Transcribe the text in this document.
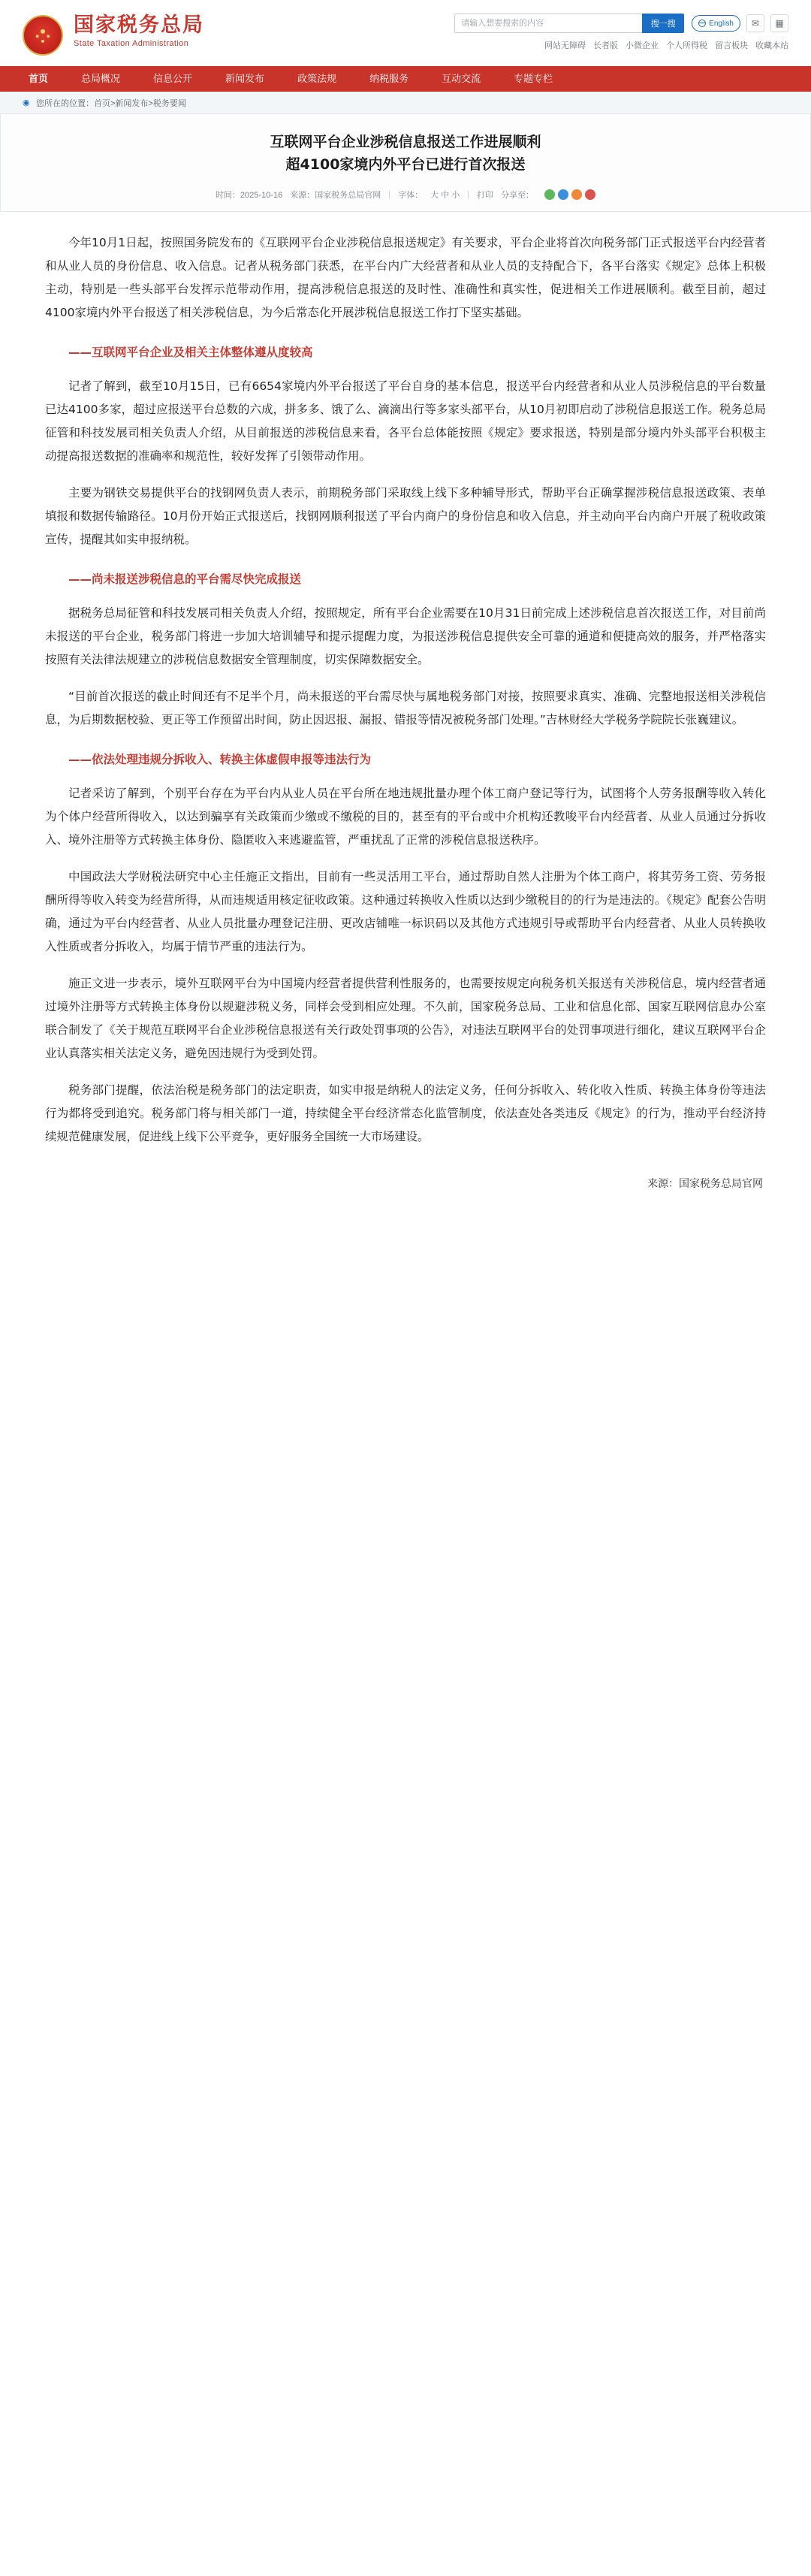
国家税务总局
State Taxation Administration
请输入想要搜索的内容	搜一搜	English	✉	▦
网站无障碍 长者版 小微企业 个人所得税 留言板块 收藏本站
首页	总局概况	信息公开	新闻发布	政策法规	纳税服务	互动交流	专题专栏
◉ 您所在的位置： 首页>新闻发布>税务要闻
互联网平台企业涉税信息报送工作进展顺利
超4100家境内外平台已进行首次报送
时间：2025-10-16 来源：国家税务总局官网 | 字体： 大 中 小 | 打印 分享至：

今年10月1日起，按照国务院发布的《互联网平台企业涉税信息报送规定》有关要求，平台企业将首次向税务部门正式报送平台内经营者和从业人员的身份信息、收入信息。记者从税务部门获悉，在平台内广大经营者和从业人员的支持配合下，各平台落实《规定》总体上积极主动，特别是一些头部平台发挥示范带动作用，提高涉税信息报送的及时性、准确性和真实性，促进相关工作进展顺利。截至目前，超过4100家境内外平台报送了相关涉税信息，为今后常态化开展涉税信息报送工作打下坚实基础。

——互联网平台企业及相关主体整体遵从度较高

记者了解到，截至10月15日，已有6654家境内外平台报送了平台自身的基本信息，报送平台内经营者和从业人员涉税信息的平台数量已达4100多家，超过应报送平台总数的六成，拼多多、饿了么、滴滴出行等多家头部平台，从10月初即启动了涉税信息报送工作。税务总局征管和科技发展司相关负责人介绍，从目前报送的涉税信息来看，各平台总体能按照《规定》要求报送，特别是部分境内外头部平台积极主动提高报送数据的准确率和规范性，较好发挥了引领带动作用。

主要为钢铁交易提供平台的找钢网负责人表示，前期税务部门采取线上线下多种辅导形式，帮助平台正确掌握涉税信息报送政策、表单填报和数据传输路径。10月份开始正式报送后，找钢网顺利报送了平台内商户的身份信息和收入信息，并主动向平台内商户开展了税收政策宣传，提醒其如实申报纳税。

——尚未报送涉税信息的平台需尽快完成报送

据税务总局征管和科技发展司相关负责人介绍，按照规定，所有平台企业需要在10月31日前完成上述涉税信息首次报送工作，对目前尚未报送的平台企业，税务部门将进一步加大培训辅导和提示提醒力度，为报送涉税信息提供安全可靠的通道和便捷高效的服务，并严格落实按照有关法律法规建立的涉税信息数据安全管理制度，切实保障数据安全。

“目前首次报送的截止时间还有不足半个月，尚未报送的平台需尽快与属地税务部门对接，按照要求真实、准确、完整地报送相关涉税信息，为后期数据校验、更正等工作预留出时间，防止因迟报、漏报、错报等情况被税务部门处理。”吉林财经大学税务学院院长张巍建议。

——依法处理违规分拆收入、转换主体虚假申报等违法行为

记者采访了解到，个别平台存在为平台内从业人员在平台所在地违规批量办理个体工商户登记等行为，试图将个人劳务报酬等收入转化为个体户经营所得收入，以达到骗享有关政策而少缴或不缴税的目的，甚至有的平台或中介机构还教唆平台内经营者、从业人员通过分拆收入、境外注册等方式转换主体身份、隐匿收入来逃避监管，严重扰乱了正常的涉税信息报送秩序。

中国政法大学财税法研究中心主任施正文指出，目前有一些灵活用工平台，通过帮助自然人注册为个体工商户，将其劳务工资、劳务报酬所得等收入转变为经营所得，从而违规适用核定征收政策。这种通过转换收入性质以达到少缴税目的的行为是违法的。《规定》配套公告明确，通过为平台内经营者、从业人员批量办理登记注册、更改店铺唯一标识码以及其他方式违规引导或帮助平台内经营者、从业人员转换收入性质或者分拆收入，均属于情节严重的违法行为。

施正文进一步表示，境外互联网平台为中国境内经营者提供营利性服务的，也需要按规定向税务机关报送有关涉税信息，境内经营者通过境外注册等方式转换主体身份以规避涉税义务，同样会受到相应处理。不久前，国家税务总局、工业和信息化部、国家互联网信息办公室联合制发了《关于规范互联网平台企业涉税信息报送有关行政处罚事项的公告》，对违法互联网平台的处罚事项进行细化，建议互联网平台企业认真落实相关法定义务，避免因违规行为受到处罚。

税务部门提醒，依法治税是税务部门的法定职责，如实申报是纳税人的法定义务，任何分拆收入、转化收入性质、转换主体身份等违法行为都将受到追究。税务部门将与相关部门一道，持续健全平台经济常态化监管制度，依法查处各类违反《规定》的行为，推动平台经济持续规范健康发展，促进线上线下公平竞争，更好服务全国统一大市场建设。

来源：国家税务总局官网
